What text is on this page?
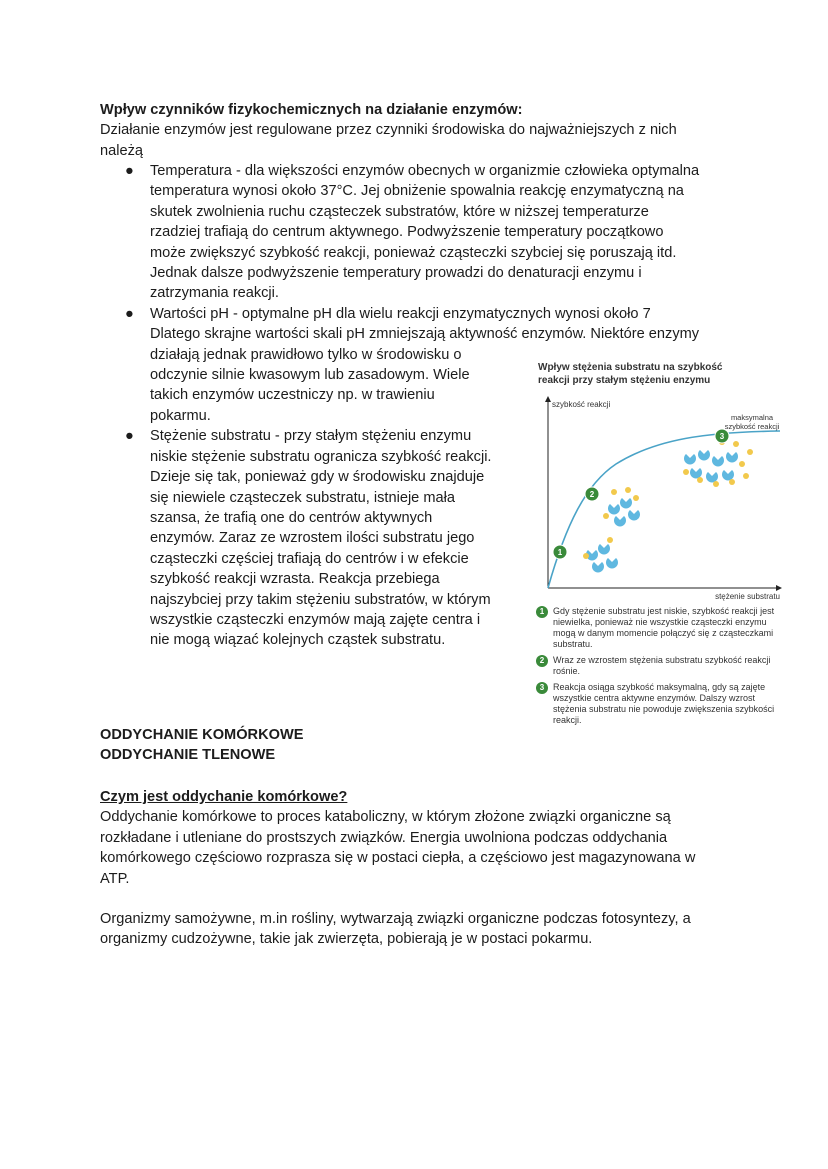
Wpływ czynników fizykochemicznych na działanie enzymów:

Działanie enzymów jest regulowane przez czynniki środowiska do najważniejszych z nich

należą

● Temperatura - dla większości enzymów obecnych w organizmie człowieka optymalna

temperatura wynosi około 37°C. Jej obniżenie spowalnia reakcję enzymatyczną na

skutek zwolnienia ruchu cząsteczek substratów, które w niższej temperaturze

rzadziej trafiają do centrum aktywnego. Podwyższenie temperatury początkowo

może zwiększyć szybkość reakcji, ponieważ cząsteczki szybciej się poruszają itd.

Jednak dalsze podwyższenie temperatury prowadzi do denaturacji enzymu i

zatrzymania reakcji.

● Wartości pH - optymalne pH dla wielu reakcji enzymatycznych wynosi około 7

Dlatego skrajne wartości skali pH zmniejszają aktywność enzymów. Niektóre enzymy

działają jednak prawidłowo tylko w środowisku o

odczynie silnie kwasowym lub zasadowym. Wiele

takich enzymów uczestniczy np. w trawieniu

pokarmu.

● Stężenie substratu - przy stałym stężeniu enzymu

niskie stężenie substratu ogranicza szybkość reakcji.

Dzieje się tak, ponieważ gdy w środowisku znajduje

się niewiele cząsteczek substratu, istnieje mała

szansa, że trafią one do centrów aktywnych

enzymów. Zaraz ze wzrostem ilości substratu jego

cząsteczki częściej trafiają do centrów i w efekcie

szybkość reakcji wzrasta. Reakcja przebiega

najszybciej przy takim stężeniu substratów, w którym

wszystkie cząsteczki enzymów mają zajęte centra i

nie mogą wiązać kolejnych cząstek substratu.

Wpływ stężenia substratu na szybkość
reakcji przy stałym stężeniu enzymu
szybkość reakcji
stężenie substratu
maksymalna
szybkość reakcji
1
2
3
1 Gdy stężenie substratu jest niskie, szybkość reakcji jest niewielka, ponieważ nie wszystkie cząsteczki enzymu mogą w danym momencie połączyć się z cząsteczkami substratu.
2 Wraz ze wzrostem stężenia substratu szybkość reakcji rośnie.
3 Reakcja osiąga szybkość maksymalną, gdy są zajęte wszystkie centra aktywne enzymów. Dalszy wzrost stężenia substratu nie powoduje zwiększenia szybkości reakcji.

ODDYCHANIE KOMÓRKOWE

ODDYCHANIE TLENOWE

Czym jest oddychanie komórkowe?

Oddychanie komórkowe to proces kataboliczny, w którym złożone związki organiczne są

rozkładane i utleniane do prostszych związków. Energia uwolniona podczas oddychania

komórkowego częściowo rozprasza się w postaci ciepła, a częściowo jest magazynowana w

ATP.

Organizmy samożywne, m.in rośliny, wytwarzają związki organiczne podczas fotosyntezy, a

organizmy cudzożywne, takie jak zwierzęta, pobierają je w postaci pokarmu.
